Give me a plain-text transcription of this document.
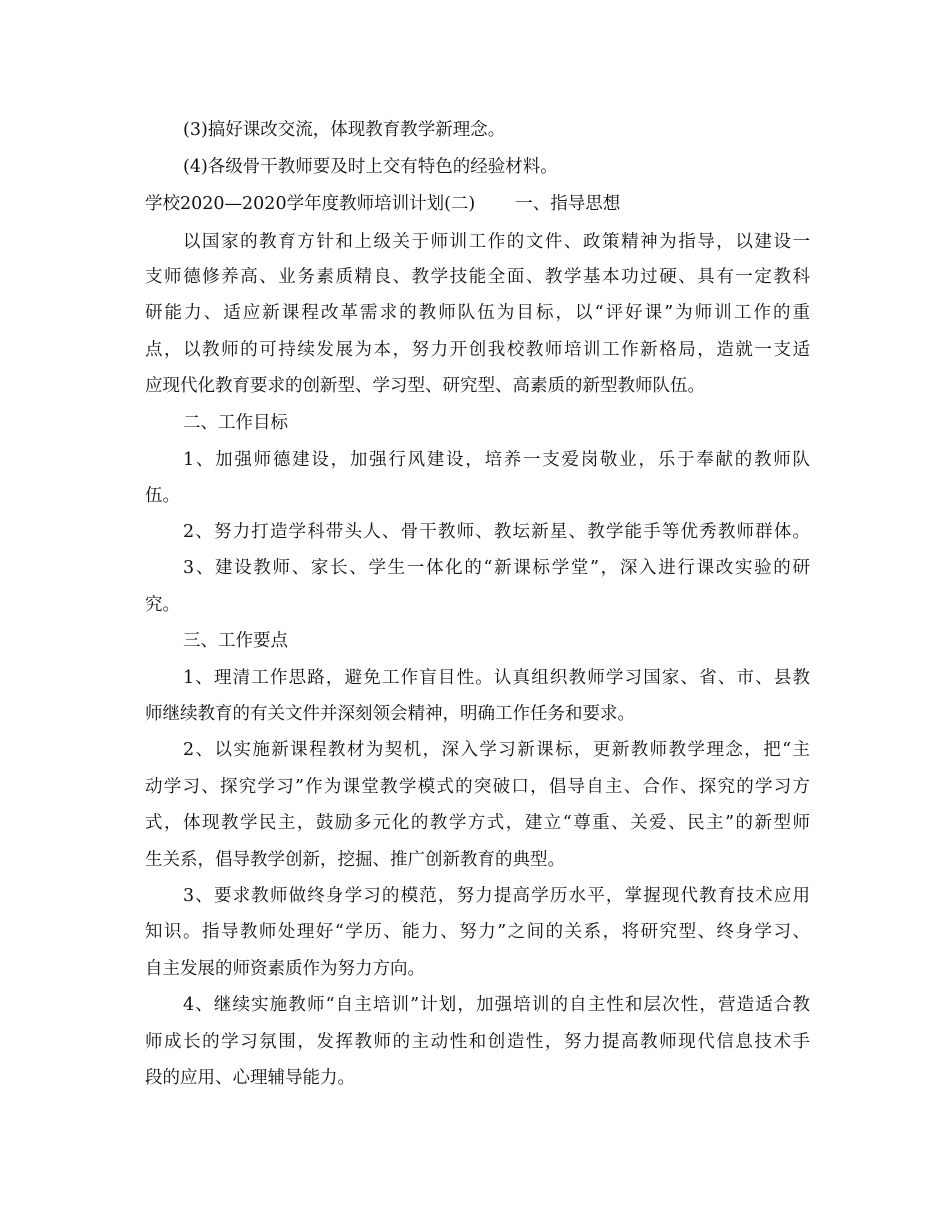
(3)搞好课改交流，体现教育教学新理念。
(4)各级骨干教师要及时上交有特色的经验材料。
学校2020—2020学年度教师培训计划(二) 一、指导思想
以国家的教育方针和上级关于师训工作的文件、政策精神为指导，以建设一
支师德修养高、业务素质精良、教学技能全面、教学基本功过硬、具有一定教科
研能力、适应新课程改革需求的教师队伍为目标，以“评好课”为师训工作的重
点，以教师的可持续发展为本，努力开创我校教师培训工作新格局，造就一支适
应现代化教育要求的创新型、学习型、研究型、高素质的新型教师队伍。
二、工作目标
1、加强师德建设，加强行风建设，培养一支爱岗敬业，乐于奉献的教师队
伍。
2、努力打造学科带头人、骨干教师、教坛新星、教学能手等优秀教师群体。
3、建设教师、家长、学生一体化的“新课标学堂”，深入进行课改实验的研
究。
三、工作要点
1、理清工作思路，避免工作盲目性。认真组织教师学习国家、省、市、县教
师继续教育的有关文件并深刻领会精神，明确工作任务和要求。
2、以实施新课程教材为契机，深入学习新课标，更新教师教学理念，把“主
动学习、探究学习”作为课堂教学模式的突破口，倡导自主、合作、探究的学习方
式，体现教学民主，鼓励多元化的教学方式，建立“尊重、关爱、民主”的新型师
生关系，倡导教学创新，挖掘、推广创新教育的典型。
3、要求教师做终身学习的模范，努力提高学历水平，掌握现代教育技术应用
知识。指导教师处理好“学历、能力、努力”之间的关系，将研究型、终身学习、
自主发展的师资素质作为努力方向。
4、继续实施教师“自主培训”计划，加强培训的自主性和层次性，营造适合教
师成长的学习氛围，发挥教师的主动性和创造性，努力提高教师现代信息技术手
段的应用、心理辅导能力。
